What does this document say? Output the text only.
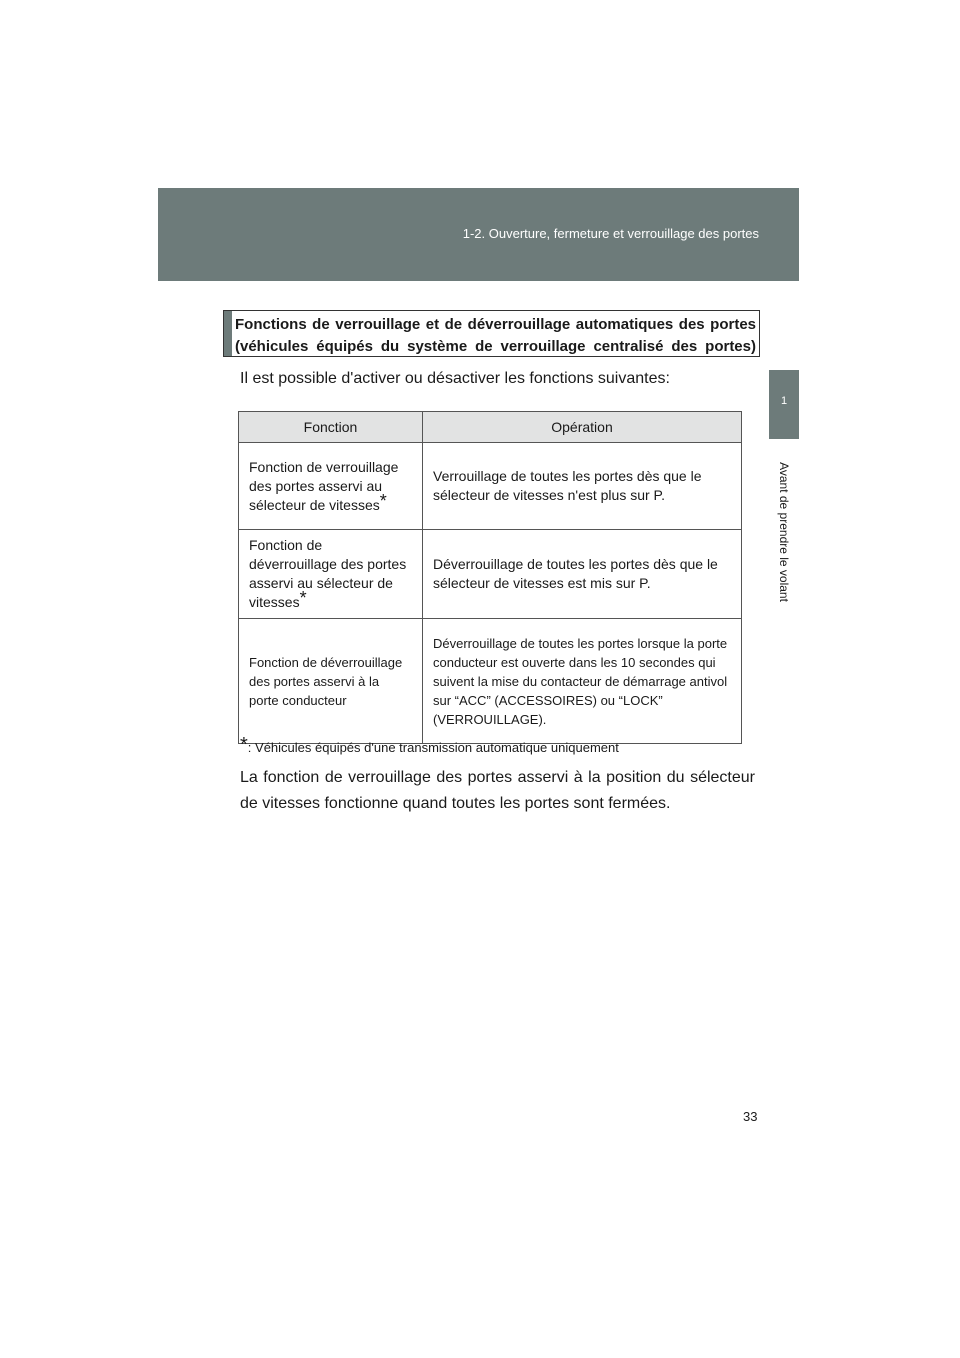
1-2. Ouverture, fermeture et verrouillage des portes
1
Avant de prendre le volant
Fonctions de verrouillage et de déverrouillage automatiques des portes
(véhicules équipés du système de verrouillage centralisé des portes)
Il est possible d'activer ou désactiver les fonctions suivantes:
Fonction	Opération
Fonction de verrouillage des portes asservi au sélecteur de vitesses*	Verrouillage de toutes les portes dès que le sélecteur de vitesses n'est plus sur P.
Fonction de déverrouillage des portes asservi au sélecteur de vitesses*	Déverrouillage de toutes les portes dès que le sélecteur de vitesses est mis sur P.
Fonction de déverrouillage des portes asservi à la porte conducteur	Déverrouillage de toutes les portes lorsque la porte conducteur est ouverte dans les 10 secondes qui suivent la mise du contacteur de démarrage antivol sur “ACC” (ACCESSOIRES) ou “LOCK” (VERROUILLAGE).
*: Véhicules équipés d'une transmission automatique uniquement
La fonction de verrouillage des portes asservi à la position du sélecteur de vitesses fonctionne quand toutes les portes sont fermées.
33
